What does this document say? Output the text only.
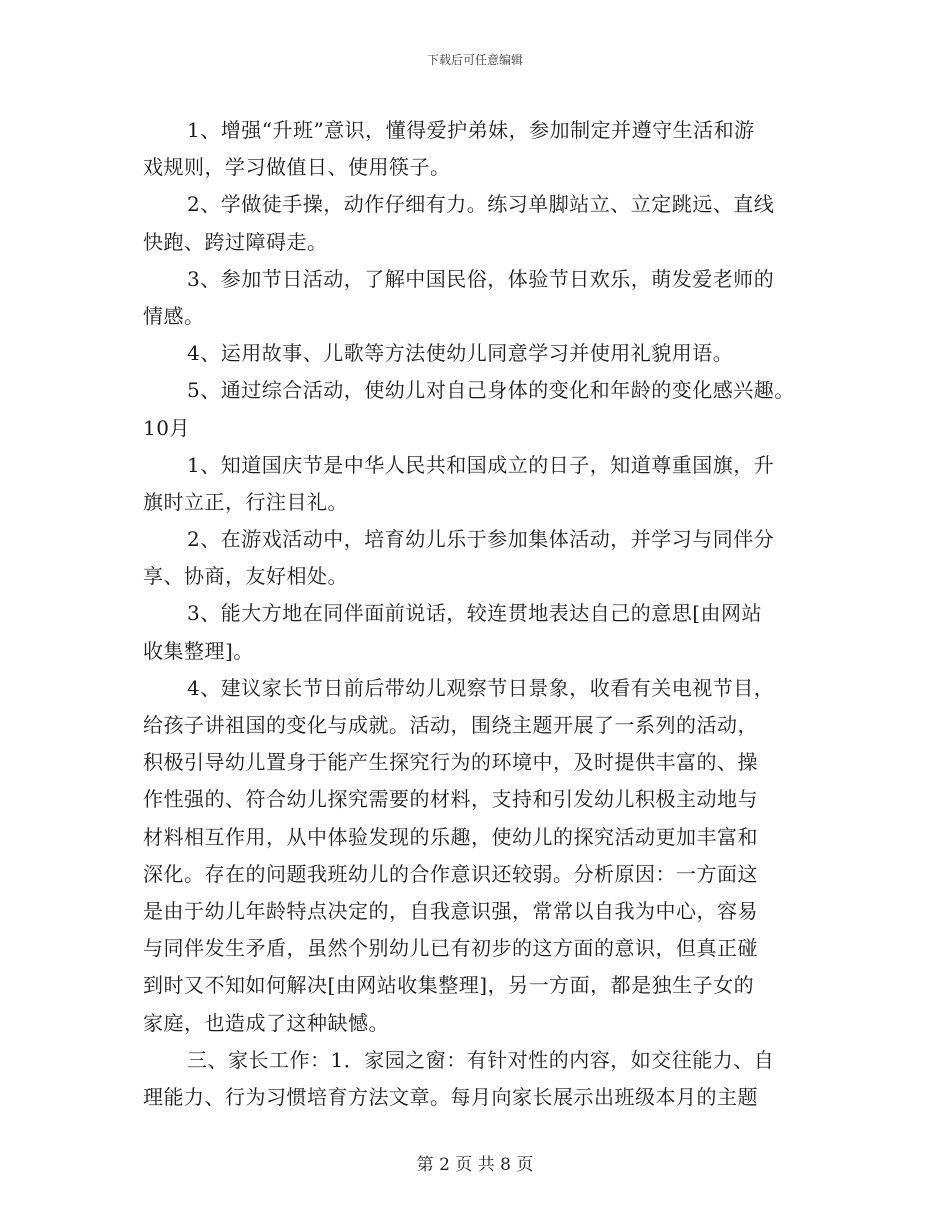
下载后可任意编辑
1、增强“升班”意识，懂得爱护弟妹，参加制定并遵守生活和游
戏规则，学习做值日、使用筷子。
2、学做徒手操，动作仔细有力。练习单脚站立、立定跳远、直线
快跑、跨过障碍走。
3、参加节日活动，了解中国民俗，体验节日欢乐，萌发爱老师的
情感。
4、运用故事、儿歌等方法使幼儿同意学习并使用礼貌用语。
5、通过综合活动，使幼儿对自己身体的变化和年龄的变化感兴趣。
10月
1、知道国庆节是中华人民共和国成立的日子，知道尊重国旗，升
旗时立正，行注目礼。
2、在游戏活动中，培育幼儿乐于参加集体活动，并学习与同伴分
享、协商，友好相处。
3、能大方地在同伴面前说话，较连贯地表达自己的意思[由网站
收集整理]。
4、建议家长节日前后带幼儿观察节日景象，收看有关电视节目，
给孩子讲祖国的变化与成就。活动，围绕主题开展了一系列的活动，
积极引导幼儿置身于能产生探究行为的环境中，及时提供丰富的、操
作性强的、符合幼儿探究需要的材料，支持和引发幼儿积极主动地与
材料相互作用，从中体验发现的乐趣，使幼儿的探究活动更加丰富和
深化。存在的问题我班幼儿的合作意识还较弱。分析原因：一方面这
是由于幼儿年龄特点决定的，自我意识强，常常以自我为中心，容易
与同伴发生矛盾，虽然个别幼儿已有初步的这方面的意识，但真正碰
到时又不知如何解决[由网站收集整理]，另一方面，都是独生子女的
家庭，也造成了这种缺憾。
三、家长工作：1．家园之窗：有针对性的内容，如交往能力、自
理能力、行为习惯培育方法文章。每月向家长展示出班级本月的主题
第 2 页 共 8 页
